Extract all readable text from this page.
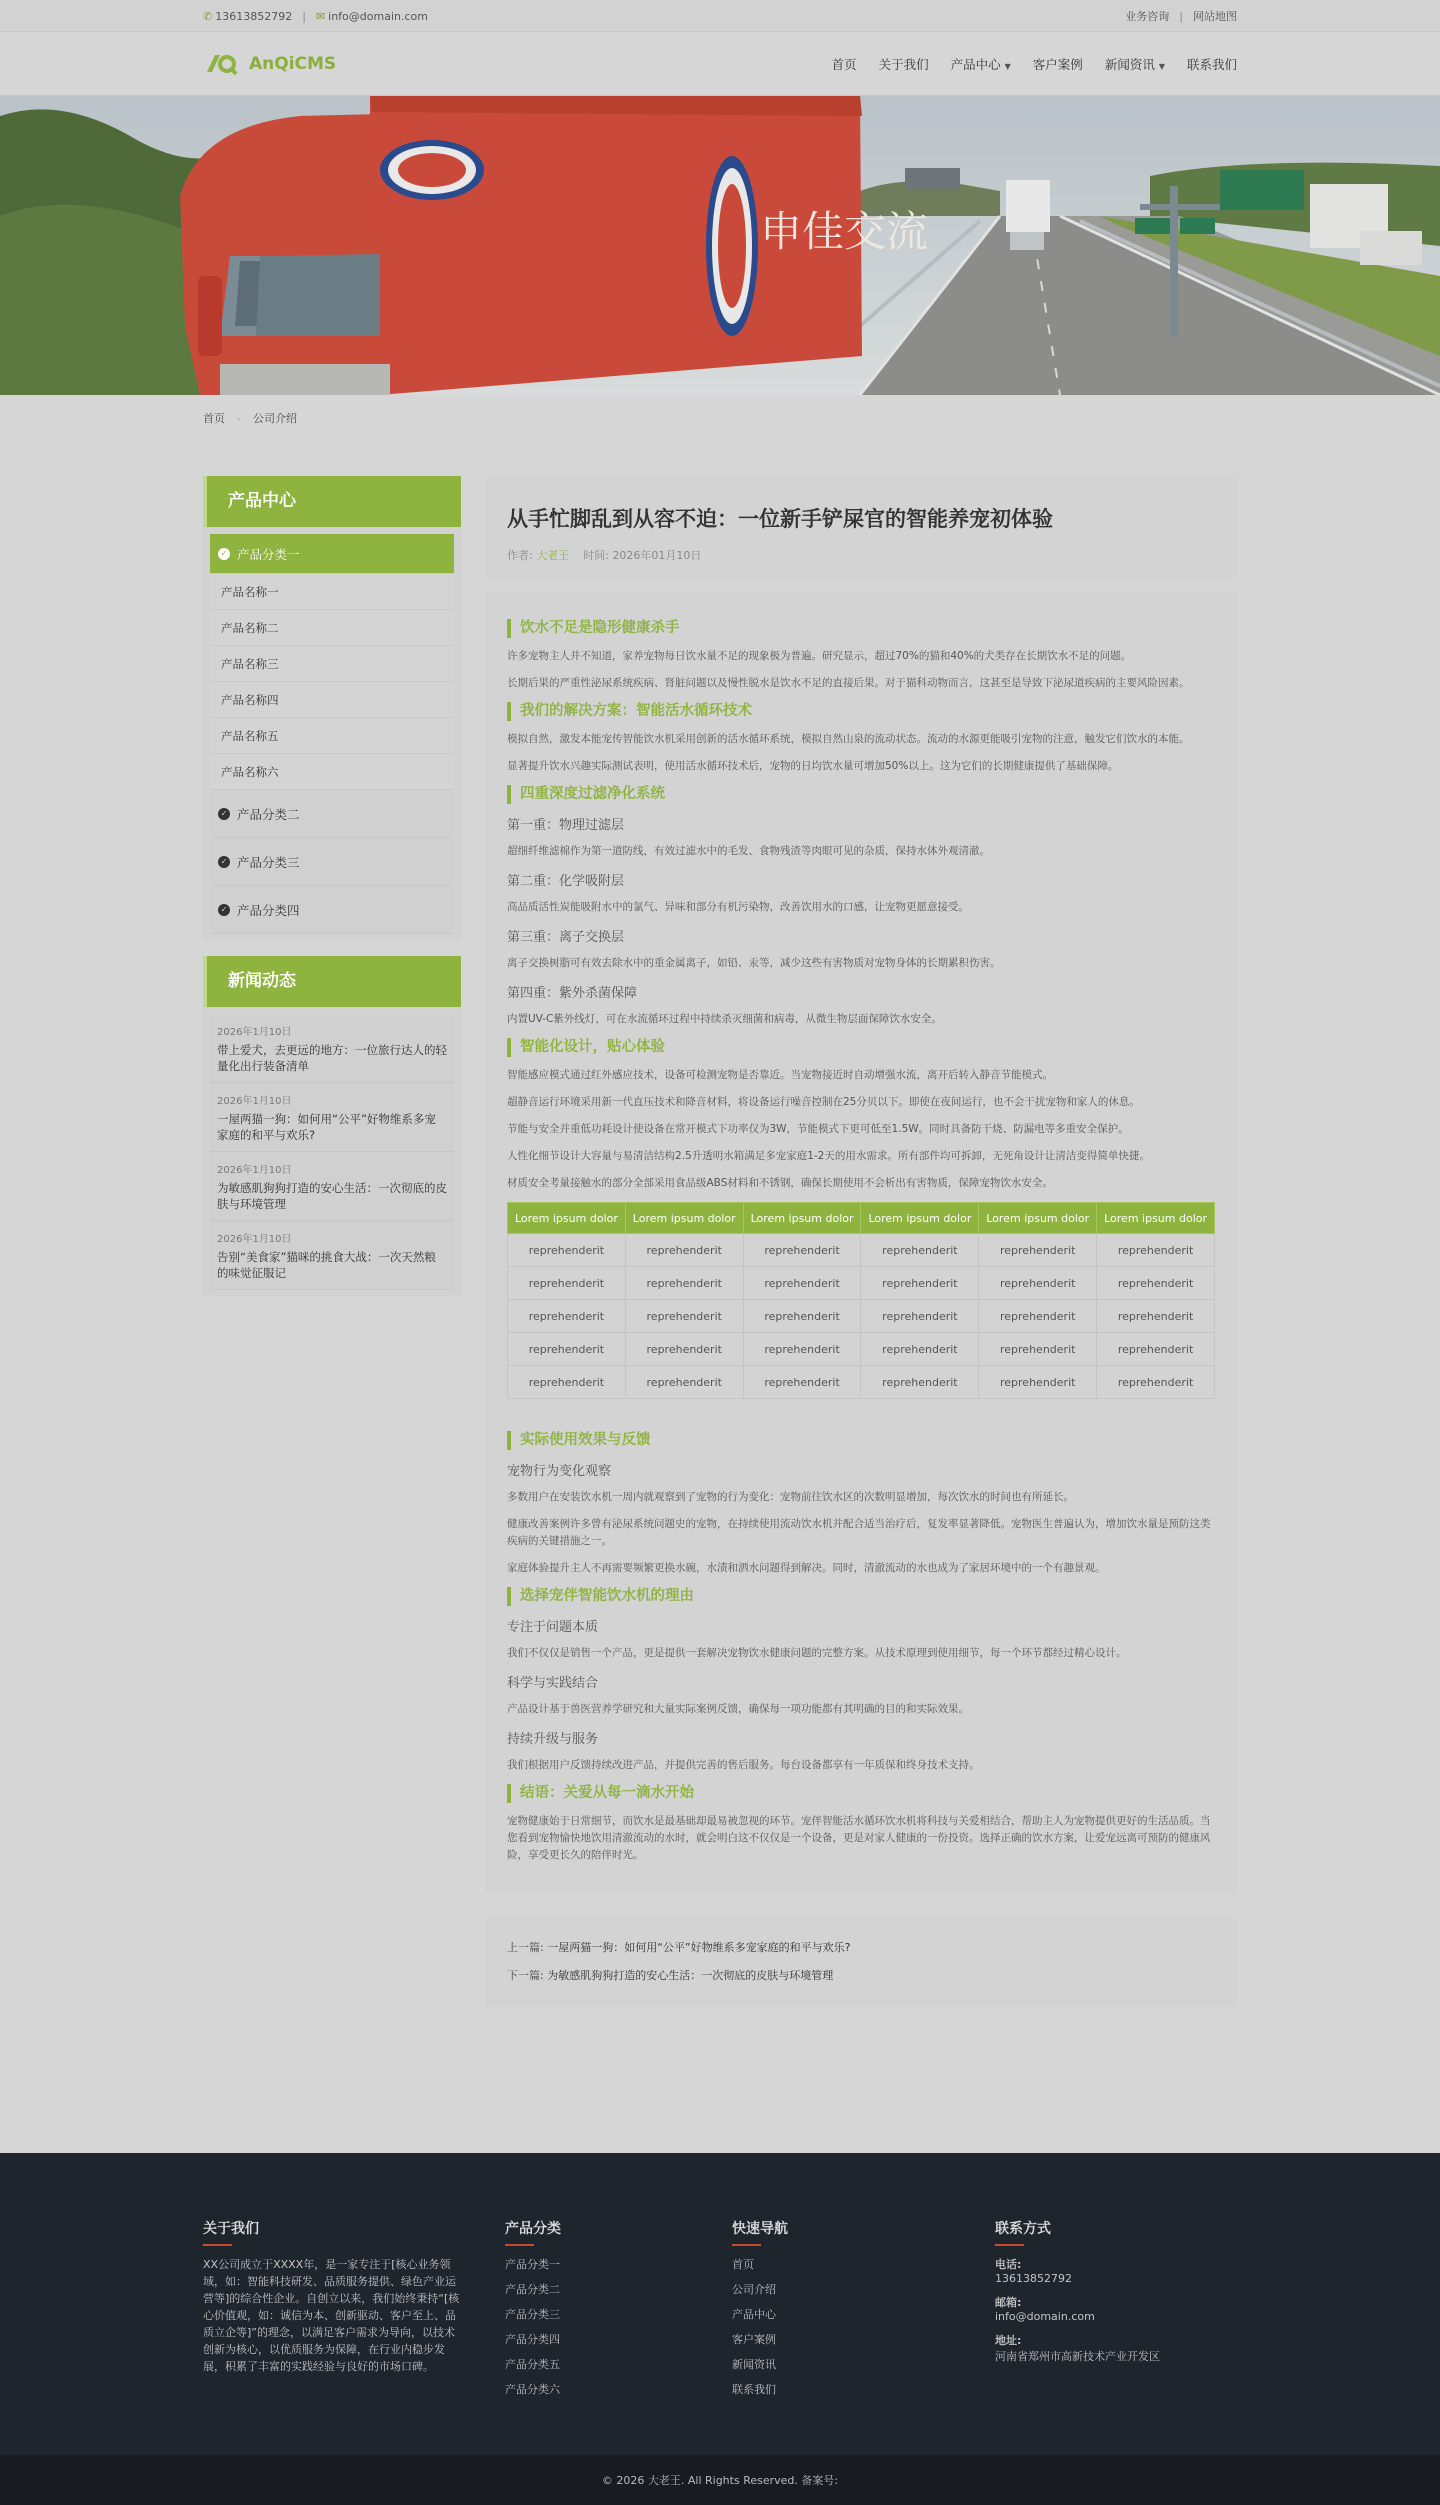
✆ 13613852792 | ✉ info@domain.com	业务咨询 | 网站地图
AnQiCMS	首页 关于我们 产品中心 ▼ 客户案例 新闻资讯 ▼ 联系我们
申佳交流
首页 - 公司介绍
产品中心
✓ 产品分类一
产品名称一
产品名称二
产品名称三
产品名称四
产品名称五
产品名称六
✓ 产品分类二
✓ 产品分类三
✓ 产品分类四
新闻动态
2026年1月10日
带上爱犬，去更远的地方：一位旅行达人的轻量化出行装备清单
2026年1月10日
一屋两猫一狗：如何用“公平”好物维系多宠家庭的和平与欢乐?
2026年1月10日
为敏感肌狗狗打造的安心生活：一次彻底的皮肤与环境管理
2026年1月10日
告别“美食家”猫咪的挑食大战：一次天然粮的味觉征服记
从手忙脚乱到从容不迫：一位新手铲屎官的智能养宠初体验
作者: 大老王 时间: 2026年01月10日
饮水不足是隐形健康杀手
许多宠物主人并不知道，家养宠物每日饮水量不足的现象极为普遍。研究显示，超过70%的猫和40%的犬类存在长期饮水不足的问题。
长期后果的严重性泌尿系统疾病、肾脏问题以及慢性脱水是饮水不足的直接后果。对于猫科动物而言，这甚至是导致下泌尿道疾病的主要风险因素。
我们的解决方案：智能活水循环技术
模拟自然，激发本能宠传智能饮水机采用创新的活水循环系统，模拟自然山泉的流动状态。流动的水源更能吸引宠物的注意，触发它们饮水的本能。
显著提升饮水兴趣实际测试表明，使用活水循环技术后，宠物的日均饮水量可增加50%以上。这为它们的长期健康提供了基础保障。
四重深度过滤净化系统
第一重：物理过滤层
超细纤维滤棉作为第一道防线，有效过滤水中的毛发、食物残渣等肉眼可见的杂质，保持水体外观清澈。
第二重：化学吸附层
高品质活性炭能吸附水中的氯气、异味和部分有机污染物，改善饮用水的口感，让宠物更愿意接受。
第三重：离子交换层
离子交换树脂可有效去除水中的重金属离子，如铅、汞等，减少这些有害物质对宠物身体的长期累积伤害。
第四重：紫外杀菌保障
内置UV-C紫外线灯，可在水流循环过程中持续杀灭细菌和病毒，从微生物层面保障饮水安全。
智能化设计，贴心体验
智能感应模式通过红外感应技术，设备可检测宠物是否靠近。当宠物接近时自动增强水流，离开后转入静音节能模式。
超静音运行环境采用新一代直压技术和降音材料，将设备运行噪音控制在25分贝以下。即使在夜间运行，也不会干扰宠物和家人的休息。
节能与安全并重低功耗设计使设备在常开模式下功率仅为3W，节能模式下更可低至1.5W。同时具备防干烧、防漏电等多重安全保护。
人性化细节设计大容量与易清洁结构2.5升透明水箱满足多宠家庭1-2天的用水需求。所有部件均可拆卸，无死角设计让清洁变得简单快捷。
材质安全考量接触水的部分全部采用食品级ABS材料和不锈钢，确保长期使用不会析出有害物质，保障宠物饮水安全。
Lorem ipsum dolor	Lorem ipsum dolor	Lorem ipsum dolor	Lorem ipsum dolor	Lorem ipsum dolor	Lorem ipsum dolor
reprehenderit	reprehenderit	reprehenderit	reprehenderit	reprehenderit	reprehenderit
reprehenderit	reprehenderit	reprehenderit	reprehenderit	reprehenderit	reprehenderit
reprehenderit	reprehenderit	reprehenderit	reprehenderit	reprehenderit	reprehenderit
reprehenderit	reprehenderit	reprehenderit	reprehenderit	reprehenderit	reprehenderit
reprehenderit	reprehenderit	reprehenderit	reprehenderit	reprehenderit	reprehenderit
实际使用效果与反馈
宠物行为变化观察
多数用户在安装饮水机一周内就观察到了宠物的行为变化：宠物前往饮水区的次数明显增加，每次饮水的时间也有所延长。
健康改善案例许多曾有泌尿系统问题史的宠物，在持续使用流动饮水机并配合适当治疗后，复发率显著降低。宠物医生普遍认为，增加饮水量是预防这类疾病的关键措施之一。
家庭体验提升主人不再需要频繁更换水碗，水渍和洒水问题得到解决。同时，清澈流动的水也成为了家居环境中的一个有趣景观。
选择宠伴智能饮水机的理由
专注于问题本质
我们不仅仅是销售一个产品，更是提供一套解决宠物饮水健康问题的完整方案。从技术原理到使用细节，每一个环节都经过精心设计。
科学与实践结合
产品设计基于兽医营养学研究和大量实际案例反馈，确保每一项功能都有其明确的目的和实际效果。
持续升级与服务
我们根据用户反馈持续改进产品，并提供完善的售后服务。每台设备都享有一年质保和终身技术支持。
结语：关爱从每一滴水开始
宠物健康始于日常细节，而饮水是最基础却最易被忽视的环节。宠伴智能活水循环饮水机将科技与关爱相结合，帮助主人为宠物提供更好的生活品质。当您看到宠物愉快地饮用清澈流动的水时，就会明白这不仅仅是一个设备，更是对家人健康的一份投资。选择正确的饮水方案，让爱宠远离可预防的健康风险，享受更长久的陪伴时光。
上一篇: 一屋两猫一狗：如何用“公平”好物维系多宠家庭的和平与欢乐?
下一篇: 为敏感肌狗狗打造的安心生活：一次彻底的皮肤与环境管理
关于我们
XX公司成立于XXXX年，是一家专注于[核心业务领域，如：智能科技研发、品质服务提供、绿色产业运营等]的综合性企业。自创立以来，我们始终秉持“[核心价值观，如：诚信为本、创新驱动、客户至上、品质立企等]”的理念，以满足客户需求为导向，以技术创新为核心，以优质服务为保障，在行业内稳步发展，积累了丰富的实践经验与良好的市场口碑。
产品分类
产品分类一
产品分类二
产品分类三
产品分类四
产品分类五
产品分类六
快速导航
首页
公司介绍
产品中心
客户案例
新闻资讯
联系我们
联系方式
电话:
13613852792
邮箱:
info@domain.com
地址:
河南省郑州市高新技术产业开发区
© 2026 大老王. All Rights Reserved. 备案号:
